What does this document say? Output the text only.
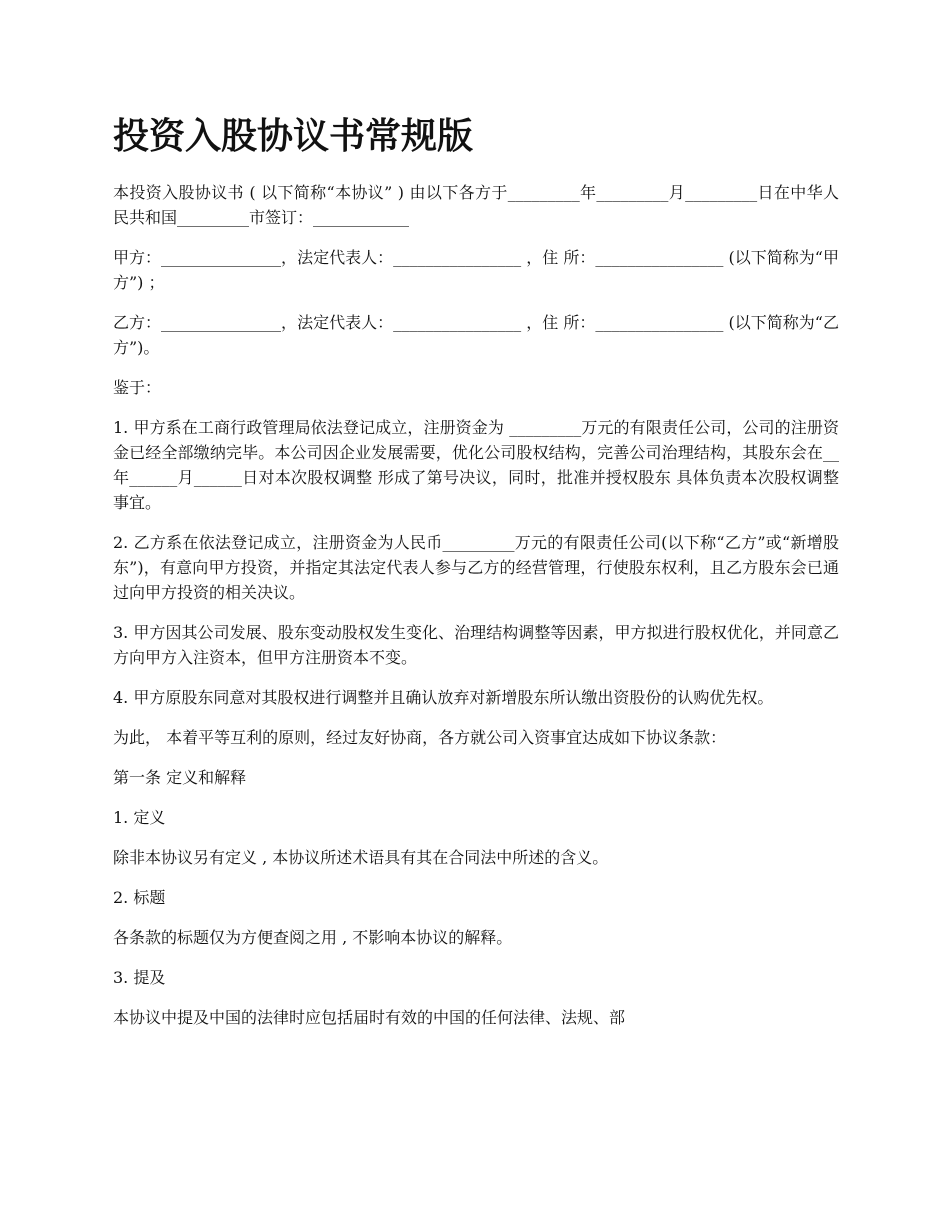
投资入股协议书常规版

本投资入股协议书 ( 以下简称“本协议” ) 由以下各方于_________年_________月_________日在中华人民共和国_________市签订：____________

甲方：_______________，法定代表人：________________ ，住 所：________________ (以下简称为“甲方”) ；

乙方：_______________，法定代表人：________________ ，住 所：________________ (以下简称为“乙方”)。

鉴于：

1. 甲方系在工商行政管理局依法登记成立，注册资金为 _________万元的有限责任公司，公司的注册资金已经全部缴纳完毕。本公司因企业发展需要，优化公司股权结构，完善公司治理结构，其股东会在__年______月______日对本次股权调整 形成了第号决议，同时，批准并授权股东 具体负责本次股权调整事宜。

2. 乙方系在依法登记成立，注册资金为人民币_________万元的有限责任公司(以下称“乙方”或“新增股东”)，有意向甲方投资，并指定其法定代表人参与乙方的经营管理，行使股东权利，且乙方股东会已通过向甲方投资的相关决议。

3. 甲方因其公司发展、股东变动股权发生变化、治理结构调整等因素，甲方拟进行股权优化，并同意乙方向甲方入注资本，但甲方注册资本不变。

4. 甲方原股东同意对其股权进行调整并且确认放弃对新增股东所认缴出资股份的认购优先权。

为此， 本着平等互利的原则，经过友好协商，各方就公司入资事宜达成如下协议条款：

第一条 定义和解释

1. 定义

除非本协议另有定义 , 本协议所述术语具有其在合同法中所述的含义。

2. 标题

各条款的标题仅为方便查阅之用 , 不影响本协议的解释。

3. 提及

本协议中提及中国的法律时应包括届时有效的中国的任何法律、法规、部
